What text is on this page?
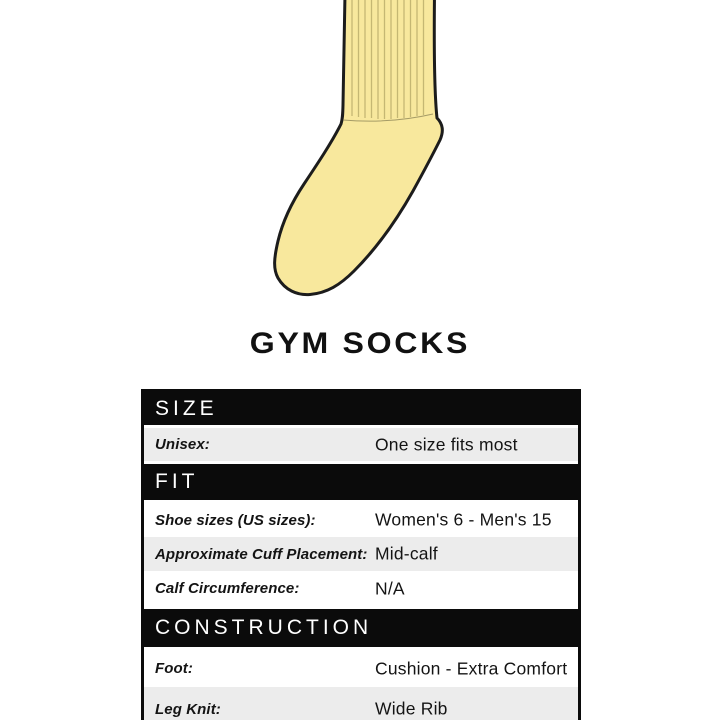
GYM SOCKS
SIZE
Unisex:	One size fits most
FIT
Shoe sizes (US sizes):	Women's 6 - Men's 15
Approximate Cuff Placement: Mid-calf
Calf Circumference:	N/A
CONSTRUCTION
Foot:	Cushion - Extra Comfort
Leg Knit:	Wide Rib
